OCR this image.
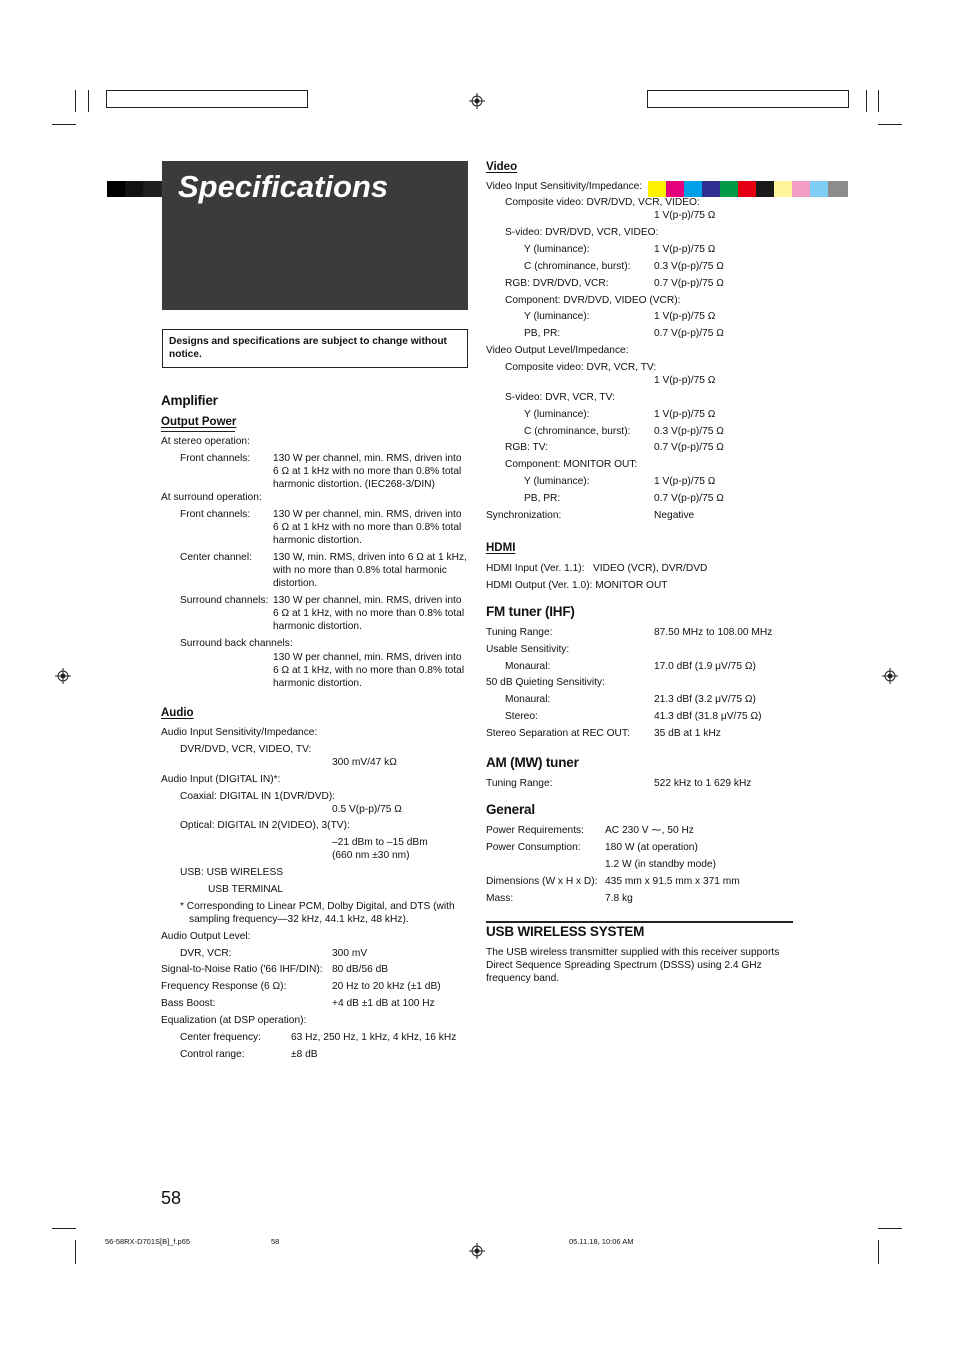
Specifications
Designs and specifications are subject to change without notice.
Amplifier
Output Power
At stereo operation:
Front channels: 130 W per channel, min. RMS, driven into 6 Ω at 1 kHz with no more than 0.8% total harmonic distortion. (IEC268-3/DIN)
At surround operation:
Front channels: 130 W per channel, min. RMS, driven into 6 Ω at 1 kHz with no more than 0.8% total harmonic distortion.
Center channel: 130 W, min. RMS, driven into 6 Ω at 1 kHz, with no more than 0.8% total harmonic distortion.
Surround channels: 130 W per channel, min. RMS, driven into 6 Ω at 1 kHz, with no more than 0.8% total harmonic distortion.
Surround back channels:
130 W per channel, min. RMS, driven into 6 Ω at 1 kHz, with no more than 0.8% total harmonic distortion.
Audio
Audio Input Sensitivity/Impedance:
DVR/DVD, VCR, VIDEO, TV:
300 mV/47 kΩ
Audio Input (DIGITAL IN)*:
Coaxial: DIGITAL IN 1(DVR/DVD):
0.5 V(p-p)/75 Ω
Optical: DIGITAL IN 2(VIDEO), 3(TV):
–21 dBm to –15 dBm
(660 nm ±30 nm)
USB: USB WIRELESS
USB TERMINAL
* Corresponding to Linear PCM, Dolby Digital, and DTS (with sampling frequency—32 kHz, 44.1 kHz, 48 kHz).
Audio Output Level:
DVR, VCR:	300 mV
Signal-to-Noise Ratio ('66 IHF/DIN): 80 dB/56 dB
Frequency Response (6 Ω):	20 Hz to 20 kHz (±1 dB)
Bass Boost:	+4 dB ±1 dB at 100 Hz
Equalization (at DSP operation):
Center frequency:	63 Hz, 250 Hz, 1 kHz, 4 kHz, 16 kHz
Control range:	±8 dB
Video
Video Input Sensitivity/Impedance:
Composite video: DVR/DVD, VCR, VIDEO:
1 V(p-p)/75 Ω
S-video: DVR/DVD, VCR, VIDEO:
Y (luminance):	1 V(p-p)/75 Ω
C (chrominance, burst): 0.3 V(p-p)/75 Ω
RGB: DVR/DVD, VCR:	0.7 V(p-p)/75 Ω
Component: DVR/DVD, VIDEO (VCR):
Y (luminance):	1 V(p-p)/75 Ω
PB, PR:	0.7 V(p-p)/75 Ω
Video Output Level/Impedance:
Composite video: DVR, VCR, TV:
1 V(p-p)/75 Ω
S-video: DVR, VCR, TV:
Y (luminance):	1 V(p-p)/75 Ω
C (chrominance, burst): 0.3 V(p-p)/75 Ω
RGB: TV:	0.7 V(p-p)/75 Ω
Component: MONITOR OUT:
Y (luminance):	1 V(p-p)/75 Ω
PB, PR:	0.7 V(p-p)/75 Ω
Synchronization:	Negative
HDMI
HDMI Input (Ver. 1.1):   VIDEO (VCR), DVR/DVD
HDMI Output (Ver. 1.0): MONITOR OUT
FM tuner (IHF)
Tuning Range:	87.50 MHz to 108.00 MHz
Usable Sensitivity:
Monaural:	17.0 dBf (1.9 μV/75 Ω)
50 dB Quieting Sensitivity:
Monaural:	21.3 dBf (3.2 μV/75 Ω)
Stereo:	41.3 dBf (31.8 μV/75 Ω)
Stereo Separation at REC OUT: 35 dB at 1 kHz
AM (MW) tuner
Tuning Range:	522 kHz to 1 629 kHz
General
Power Requirements: AC 230 V ⁓, 50 Hz
Power Consumption: 180 W (at operation)
1.2 W (in standby mode)
Dimensions (W x H x D): 435 mm x 91.5 mm x 371 mm
Mass:	7.8 kg
USB WIRELESS SYSTEM
The USB wireless transmitter supplied with this receiver supports Direct Sequence Spreading Spectrum (DSSS) using 2.4 GHz frequency band.
58
56-58RX-D701S[B]_f.p65	58	05.11.18, 10:06 AM
